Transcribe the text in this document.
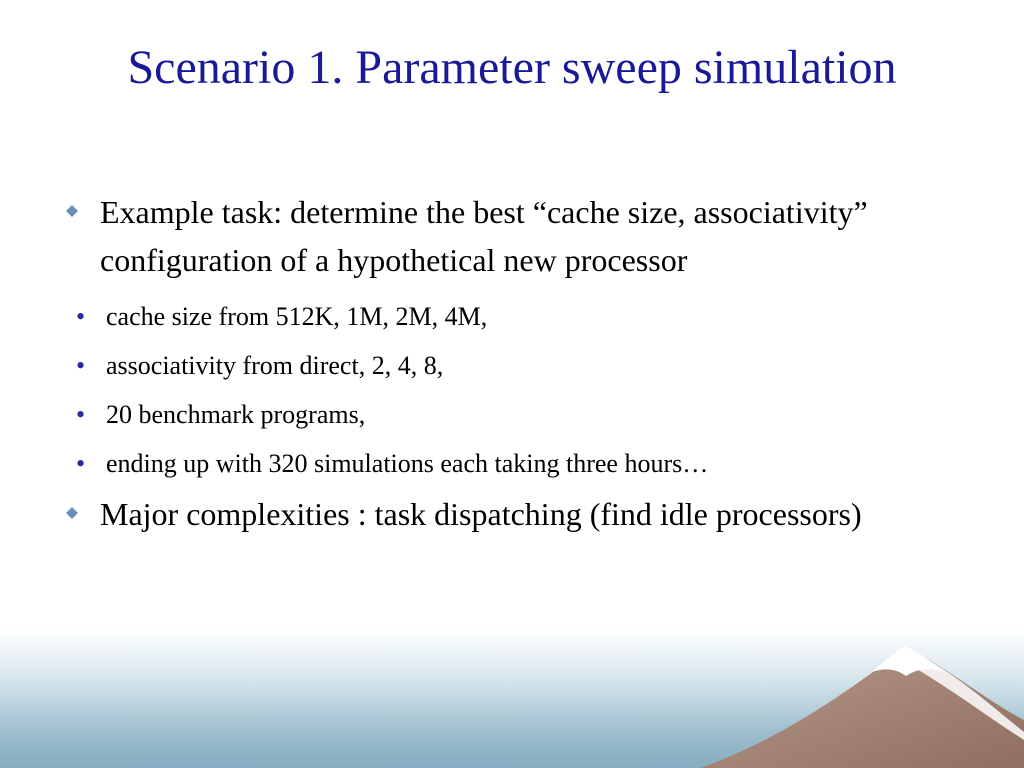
Scenario 1. Parameter sweep simulation
Example task: determine the best “cache size, associativity” configuration of a hypothetical new processor
• cache size from 512K, 1M, 2M, 4M,
• associativity from direct, 2, 4, 8,
• 20 benchmark programs,
• ending up with 320 simulations each taking three hours…
Major complexities : task dispatching (find idle processors)
